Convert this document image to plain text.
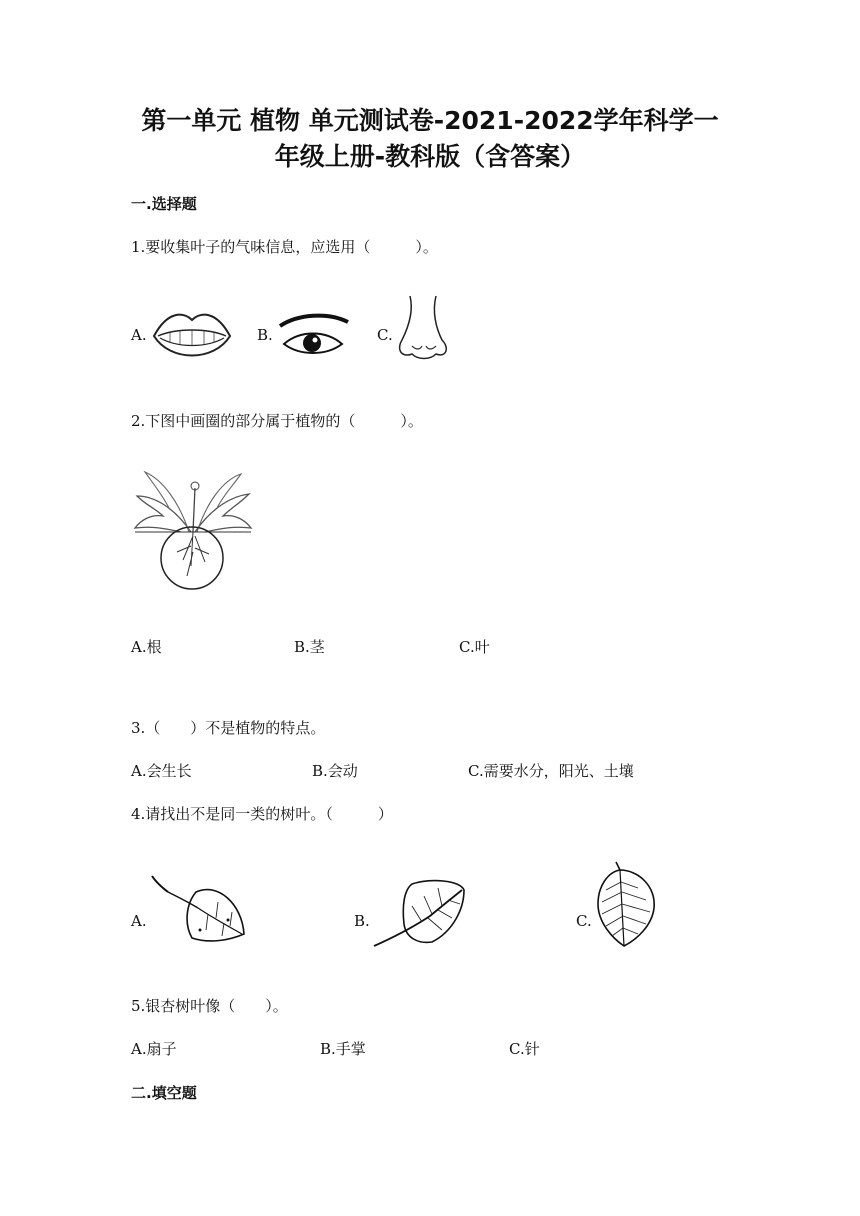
第一单元 植物 单元测试卷-2021-2022学年科学一
年级上册-教科版（含答案）
一.选择题
1.要收集叶子的气味信息，应选用（　　　）。
A.	B.	C.
2.下图中画圈的部分属于植物的（　　　）。
A.根	B.茎	C.叶
3.（　　）不是植物的特点。
A.会生长	B.会动	C.需要水分，阳光、土壤
4.请找出不是同一类的树叶。（　　　）
A.	B.	C.
5.银杏树叶像（　　）。
A.扇子	B.手掌	C.针
二.填空题
